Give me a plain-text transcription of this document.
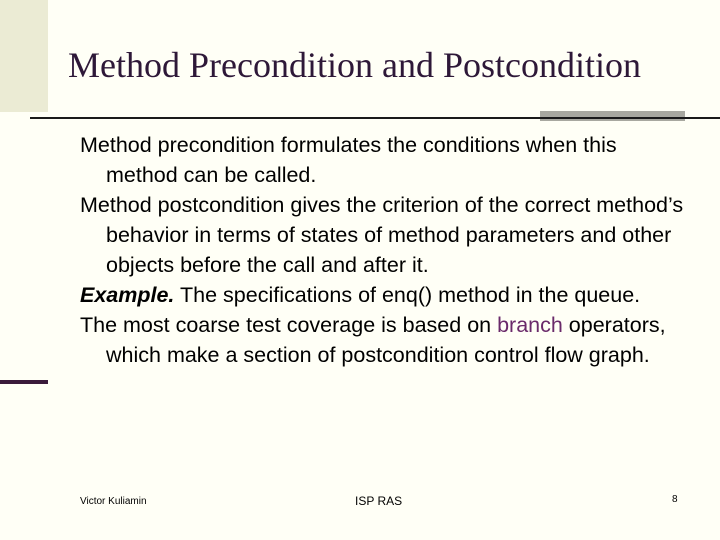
Method Precondition and Postcondition

Method precondition formulates the conditions when this method can be called.

Method postcondition gives the criterion of the correct method’s behavior in terms of states of method parameters and other objects before the call and after it.

Example. The specifications of enq() method in the queue.

The most coarse test coverage is based on branch operators, which make a section of postcondition control flow graph.

Victor Kuliamin	ISP RAS	8
